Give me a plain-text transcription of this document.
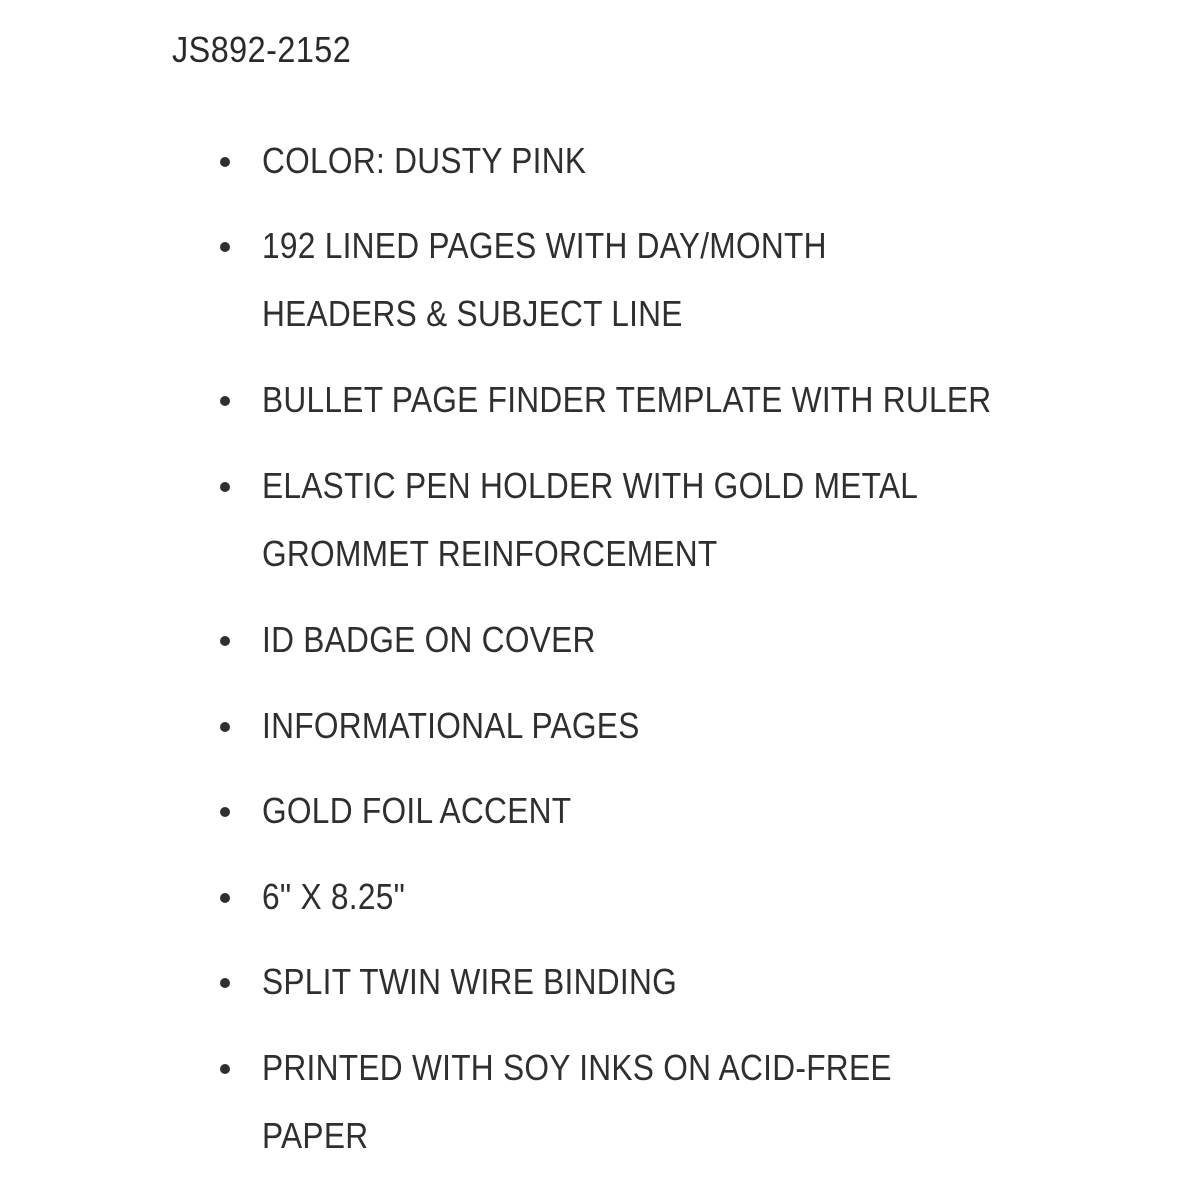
JS892-2152
COLOR: DUSTY PINK
192 LINED PAGES WITH DAY/MONTH
HEADERS & SUBJECT LINE
BULLET PAGE FINDER TEMPLATE WITH RULER
ELASTIC PEN HOLDER WITH GOLD METAL
GROMMET REINFORCEMENT
ID BADGE ON COVER
INFORMATIONAL PAGES
GOLD FOIL ACCENT
6" X 8.25"
SPLIT TWIN WIRE BINDING
PRINTED WITH SOY INKS ON ACID-FREE
PAPER
